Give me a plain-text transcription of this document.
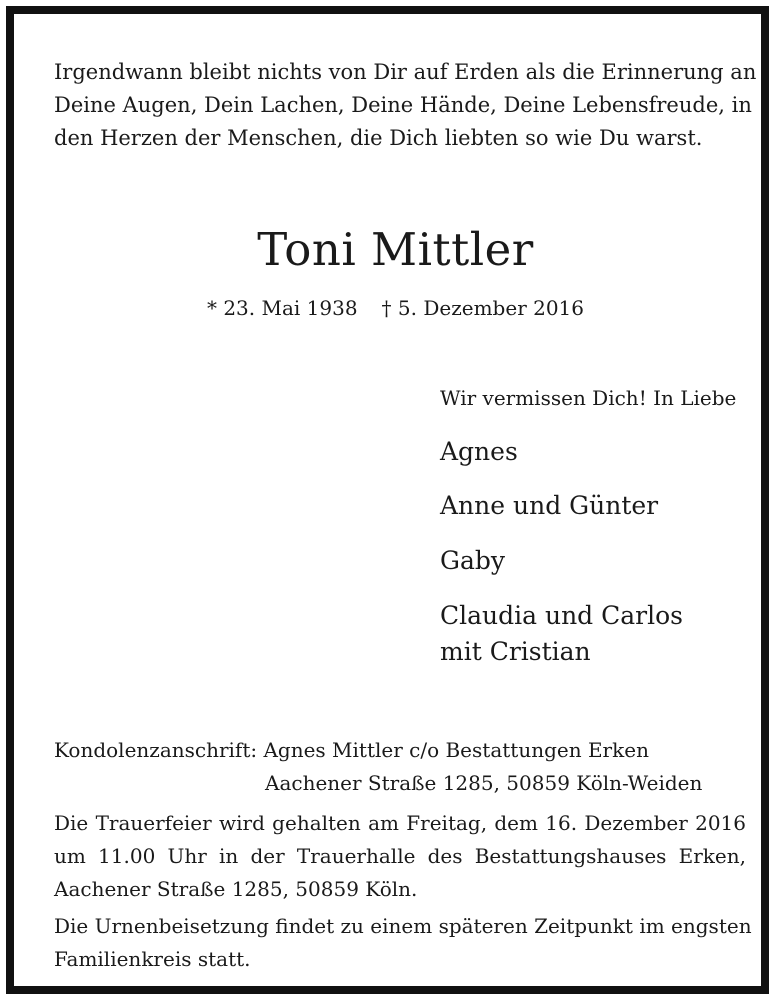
Irgendwann bleibt nichts von Dir auf Erden als die Erinnerung an
Deine Augen, Dein Lachen, Deine Hände, Deine Lebensfreude, in
den Herzen der Menschen, die Dich liebten so wie Du warst.
Toni Mittler
* 23. Mai 1938 † 5. Dezember 2016
Wir vermissen Dich! In Liebe
Agnes
Anne und Günter
Gaby
Claudia und Carlos
mit Cristian
Kondolenzanschrift: Agnes Mittler c/o Bestattungen Erken
Aachener Straße 1285, 50859 Köln-Weiden
Die Trauerfeier wird gehalten am Freitag, dem 16. Dezember 2016
um 11.00 Uhr in der Trauerhalle des Bestattungshauses Erken,
Aachener Straße 1285, 50859 Köln.
Die Urnenbeisetzung findet zu einem späteren Zeitpunkt im engsten
Familienkreis statt.
